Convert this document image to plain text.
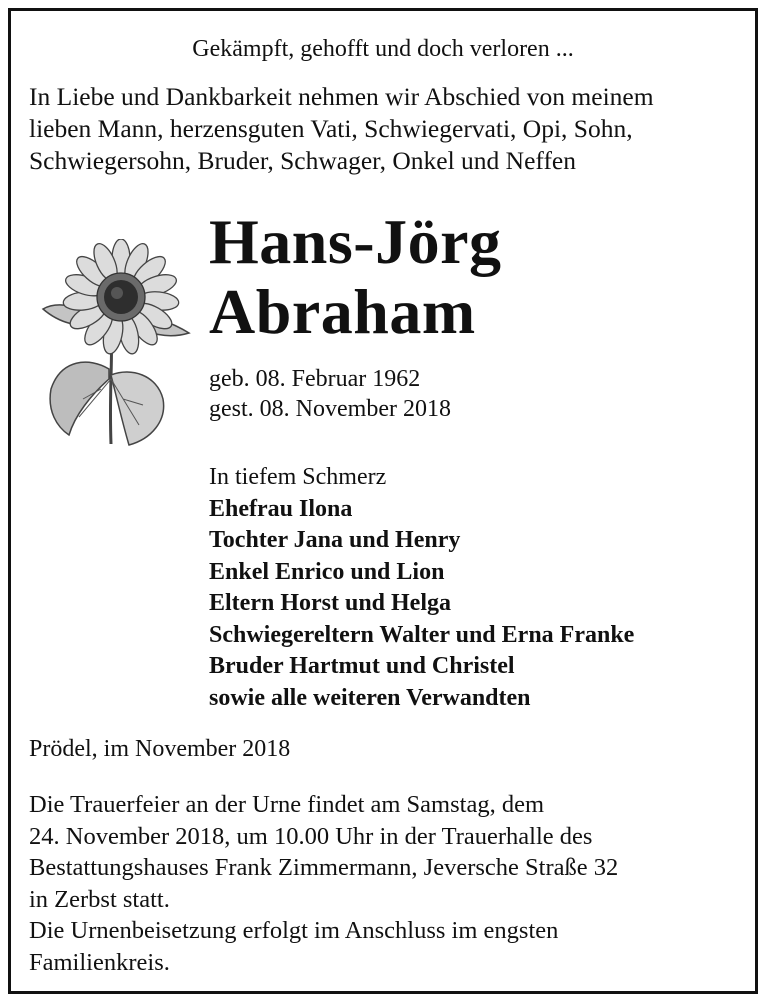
Gekämpft, gehofft und doch verloren ...
In Liebe und Dankbarkeit nehmen wir Abschied von meinem
lieben Mann, herzensguten Vati, Schwiegervati, Opi, Sohn,
Schwiegersohn, Bruder, Schwager, Onkel und Neffen
Hans-Jörg
Abraham
geb. 08. Februar 1962
gest. 08. November 2018
In tiefem Schmerz
Ehefrau Ilona
Tochter Jana und Henry
Enkel Enrico und Lion
Eltern Horst und Helga
Schwiegereltern Walter und Erna Franke
Bruder Hartmut und Christel
sowie alle weiteren Verwandten
Prödel, im November 2018
Die Trauerfeier an der Urne findet am Samstag, dem
24. November 2018, um 10.00 Uhr in der Trauerhalle des
Bestattungshauses Frank Zimmermann, Jeversche Straße 32
in Zerbst statt.
Die Urnenbeisetzung erfolgt im Anschluss im engsten
Familienkreis.
